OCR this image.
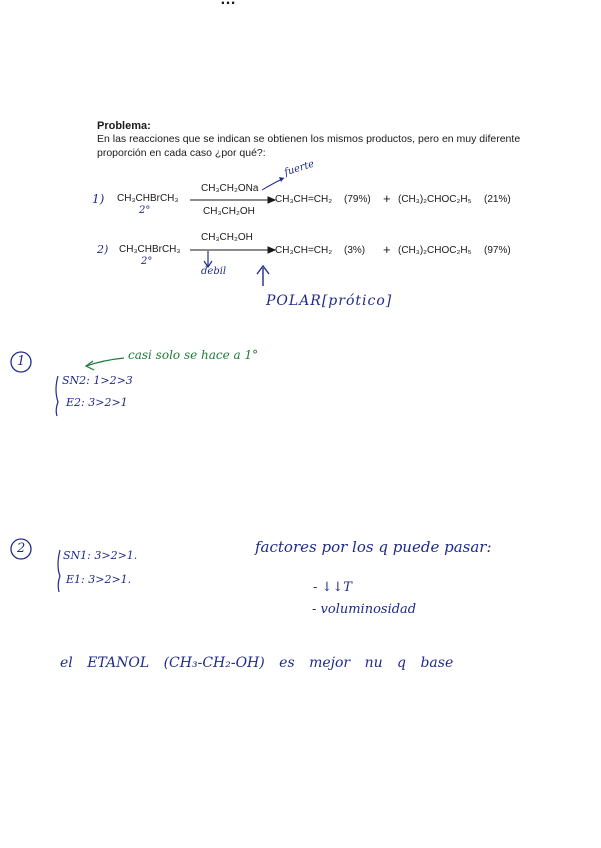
Problema:
En las reacciones que se indican se obtienen los mismos productos, pero en muy diferente
proporción en cada caso ¿por qué?:
1) CH₃CHBrCH₃
2°
CH₃CH₂ONa
CH₃CH₂OH
fuerte
CH₃CH=CH₂ (79%) + (CH₃)₂CHOC₂H₅ (21%)
2) CH₃CHBrCH₃
2°
CH₃CH₂OH
debil
CH₃CH=CH₂ (3%) + (CH₃)₂CHOC₂H₅ (97%)
POLAR[prótico]
casi solo se hace a 1°
1
SN2: 1>2>3
E2: 3>2>1
2	SN1: 3>2>1.
E1: 3>2>1.
factores por los q puede pasar:
- ↓↓T
- voluminosidad
el ETANOL (CH₃-CH₂-OH) es mejor nu q base
